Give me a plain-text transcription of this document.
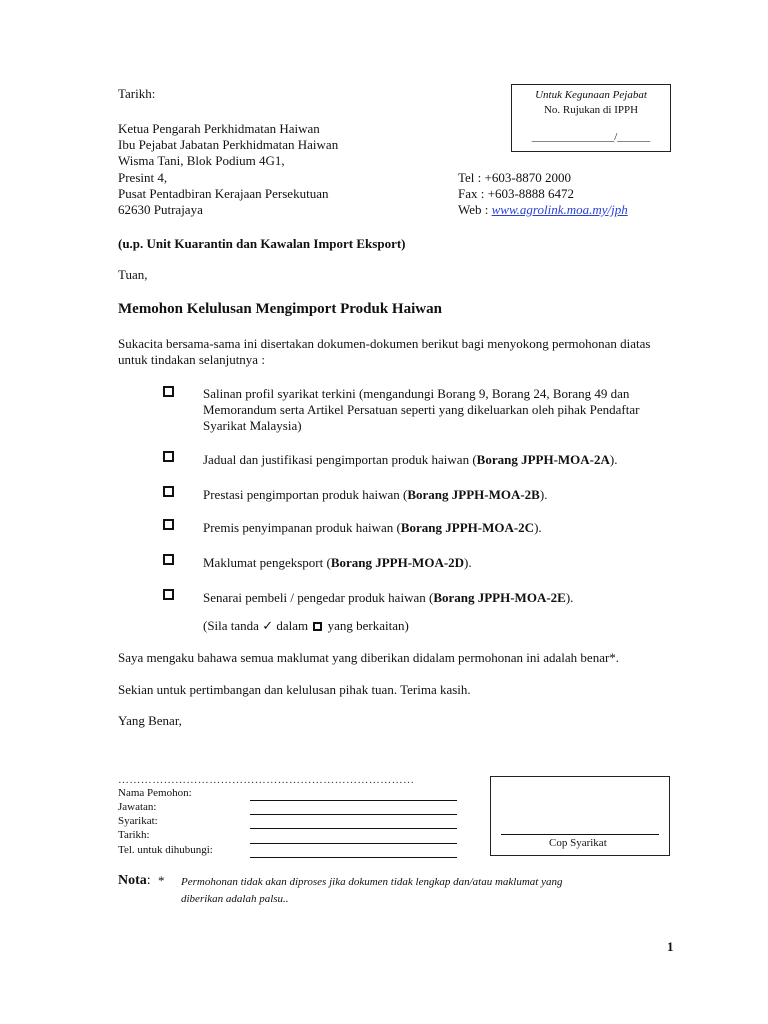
Untuk Kegunaan Pejabat
No. Rujukan di IPPH
_______________/______
Tarikh:
Ketua Pengarah Perkhidmatan Haiwan
Ibu Pejabat Jabatan Perkhidmatan Haiwan
Wisma Tani, Blok Podium 4G1,
Presint 4,
Pusat Pentadbiran Kerajaan Persekutuan
62630 Putrajaya
Tel : +603-8870 2000
Fax : +603-8888 6472
Web : www.agrolink.moa.my/jph
(u.p. Unit Kuarantin dan Kawalan Import Eksport)
Tuan,
Memohon Kelulusan Mengimport Produk Haiwan
Sukacita bersama-sama ini disertakan dokumen-dokumen berikut bagi menyokong permohonan diatas untuk tindakan selanjutnya :
Salinan profil syarikat terkini (mengandungi Borang 9, Borang 24, Borang 49 dan Memorandum serta Artikel Persatuan seperti yang dikeluarkan oleh pihak Pendaftar Syarikat Malaysia)
Jadual dan justifikasi pengimportan produk haiwan (Borang JPPH-MOA-2A).
Prestasi pengimportan produk haiwan (Borang JPPH-MOA-2B).
Premis penyimpanan produk haiwan (Borang JPPH-MOA-2C).
Maklumat pengeksport (Borang JPPH-MOA-2D).
Senarai pembeli / pengedar produk haiwan (Borang JPPH-MOA-2E).
(Sila tanda ✓ dalam  yang berkaitan)
Saya mengaku bahawa semua maklumat yang diberikan didalam permohonan ini adalah benar*.
Sekian untuk pertimbangan dan kelulusan pihak tuan. Terima kasih.
Yang Benar,
……………………………………………………………………
Nama Pemohon:
Jawatan:
Syarikat:
Tarikh:
Tel. untuk dihubungi:
Cop Syarikat
Nota: * Permohonan tidak akan diproses jika dokumen tidak lengkap dan/atau maklumat yang
diberikan adalah palsu..
1
